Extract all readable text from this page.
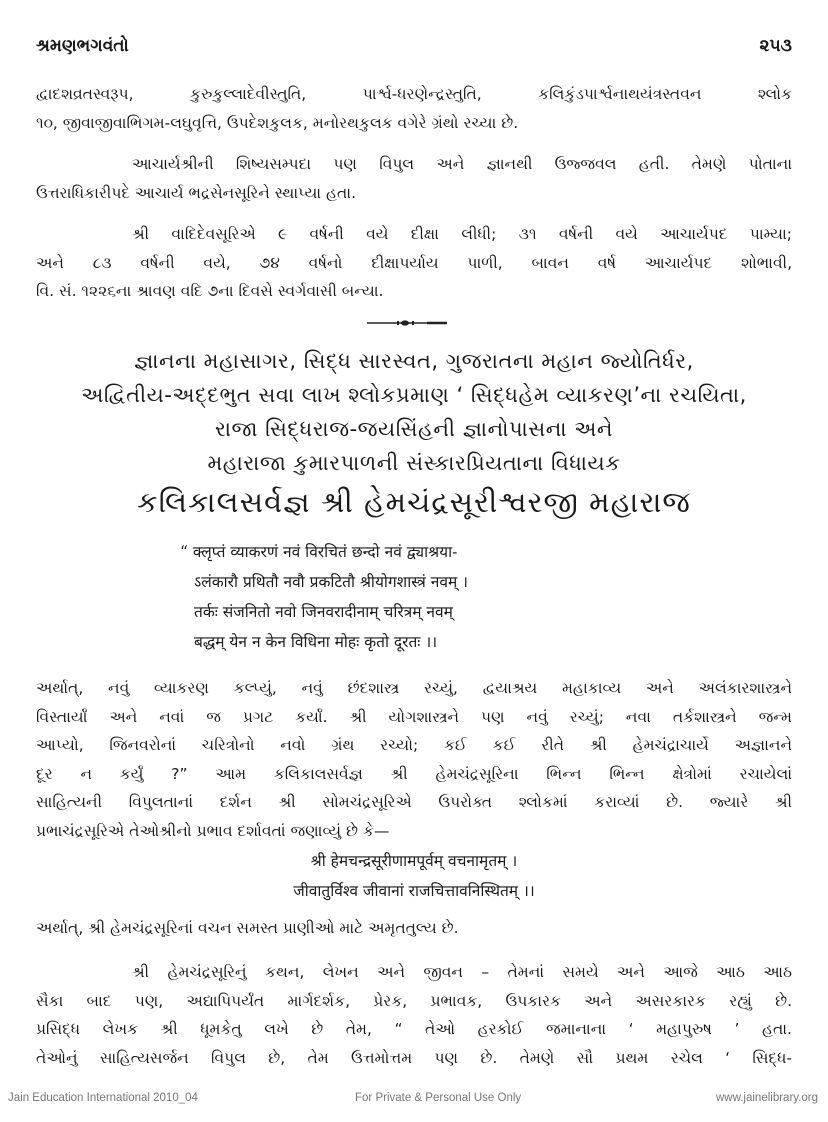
શ્રમણભગવંતો	૨૫૩

દ્વાદશવ્રતસ્વરૂપ, કુરુકુલ્લાદેવીસ્તુતિ, પાર્શ્વ-ધરણેન્દ્રસ્તુતિ, કલિકુંડપાર્શ્વનાથયંત્રસ્તવન શ્લોક
૧૦, જીવાજીવાભિગમ-લઘુવૃત્તિ, ઉપદેશકુલક, મનોરથકુલક વગેરે ગ્રંથો રચ્યા છે.

આચાર્યશ્રીની શિષ્યસમ્પદા પણ વિપુલ અને જ્ઞાનથી ઉજ્જવલ હતી. તેમણે પોતાના
ઉત્તરાધિકારીપદે આચાર્ય ભદ્રસેનસૂરિને સ્થાપ્યા હતા.

શ્રી વાદિદેવસૂરિએ ૯ વર્ષની વયે દીક્ષા લીધી; ૩૧ વર્ષની વયે આચાર્યપદ પામ્યા;
અને ૮૩ વર્ષની વયે, ૭૪ વર્ષનો દીક્ષાપર્યાય પાળી, બાવન વર્ષ આચાર્યપદ શોભાવી,
વિ. સં. ૧૨૨૬ના શ્રાવણ વદિ ૭ના દિવસે સ્વર્ગવાસી બન્યા.

જ્ઞાનના મહાસાગર, સિદ્ધ સારસ્વત, ગુજરાતના મહાન જ્યોતિર્ધર,
અદ્વિતીય-અદ્દભુત સવા લાખ શ્લોકપ્રમાણ ‘ સિદ્ધહેમ વ્યાકરણ’ના રચયિતા,
રાજા સિદ્ધરાજ-જયસિંહની જ્ઞાનોપાસના અને
મહારાજા કુમારપાળની સંસ્કારપ્રિયતાના વિધાયક
કલિકાલસર્વજ્ઞ શ્રી હેમચંદ્રસૂરીશ્વરજી મહારાજ
“ क्लृप्तं व्याकरणं नवं विरचितं छन्दो नवं द्व्याश्रया-
ऽलंकारौ प्रथितौ नवौ प्रकटितौ श्रीयोगशास्त्रं नवम् ।
तर्कः संजनितो नवो जिनवरादीनाम् चरित्रम् नवम्
बद्धम् येन न केन विधिना मोहः कृतो दूरतः ।।

અર્થાત્, નવું વ્યાકરણ કલ્પ્યું, નવું છંદશાસ્ત્ર રચ્યું, દ્વયાશ્રય મહાકાવ્ય અને અલંકારશાસ્ત્રને
વિસ્તાર્યાં અને નવાં જ પ્રગટ કર્યાં. શ્રી યોગશાસ્ત્રને પણ નવું રચ્યું; નવા તર્કશાસ્ત્રને જન્મ
આપ્યો, જિનવરોનાં ચરિત્રોનો નવો ગ્રંથ રચ્યો; કઈ કઈ રીતે શ્રી હેમચંદ્રાચાર્યે અજ્ઞાનને
દૂર ન કર્યું ?” આમ કલિકાલસર્વજ્ઞ શ્રી હેમચંદ્રસૂરિના ભિન્ન ભિન્ન ક્ષેત્રોમાં રચાયેલાં
સાહિત્યની વિપુલતાનાં દર્શન શ્રી સોમચંદ્રસૂરિએ ઉપરોક્ત શ્લોકમાં કરાવ્યાં છે. જ્યારે શ્રી
પ્રભાચંદ્રસૂરિએ તેઓશ્રીનો પ્રભાવ દર્શાવતાં જણાવ્યું છે કે—

श्री हेमचन्द्रसूरीणामपूर्वम् वचनामृतम् ।
जीवातुर्विश्व जीवानां राजचित्तावनिस्थितम् ।।

અર્થાત્, શ્રી હેમચંદ્રસૂરિનાં વચન સમસ્ત પ્રાણીઓ માટે અમૃતતુલ્ય છે.

શ્રી હેમચંદ્રસૂરિનું કથન, લેખન અને જીવન – તેમનાં સમયે અને આજે આઠ આઠ
સૈકા બાદ પણ, અદ્યાપિપર્યંત માર્ગદર્શક, પ્રેરક, પ્રભાવક, ઉપકારક અને અસરકારક રહ્યું છે.
પ્રસિદ્ધ લેખક શ્રી ધૂમકેતુ લખે છે તેમ, “ તેઓ હરકોઈ જમાનાના ‘ મહાપુરુષ ’ હતા.
તેઓનું સાહિત્યસર્જન વિપુલ છે, તેમ ઉત્તમોત્તમ પણ છે. તેમણે સૌ પ્રથમ રચેલ ‘ સિદ્ધ-

Jain Education International 2010_04	For Private & Personal Use Only	www.jainelibrary.org
